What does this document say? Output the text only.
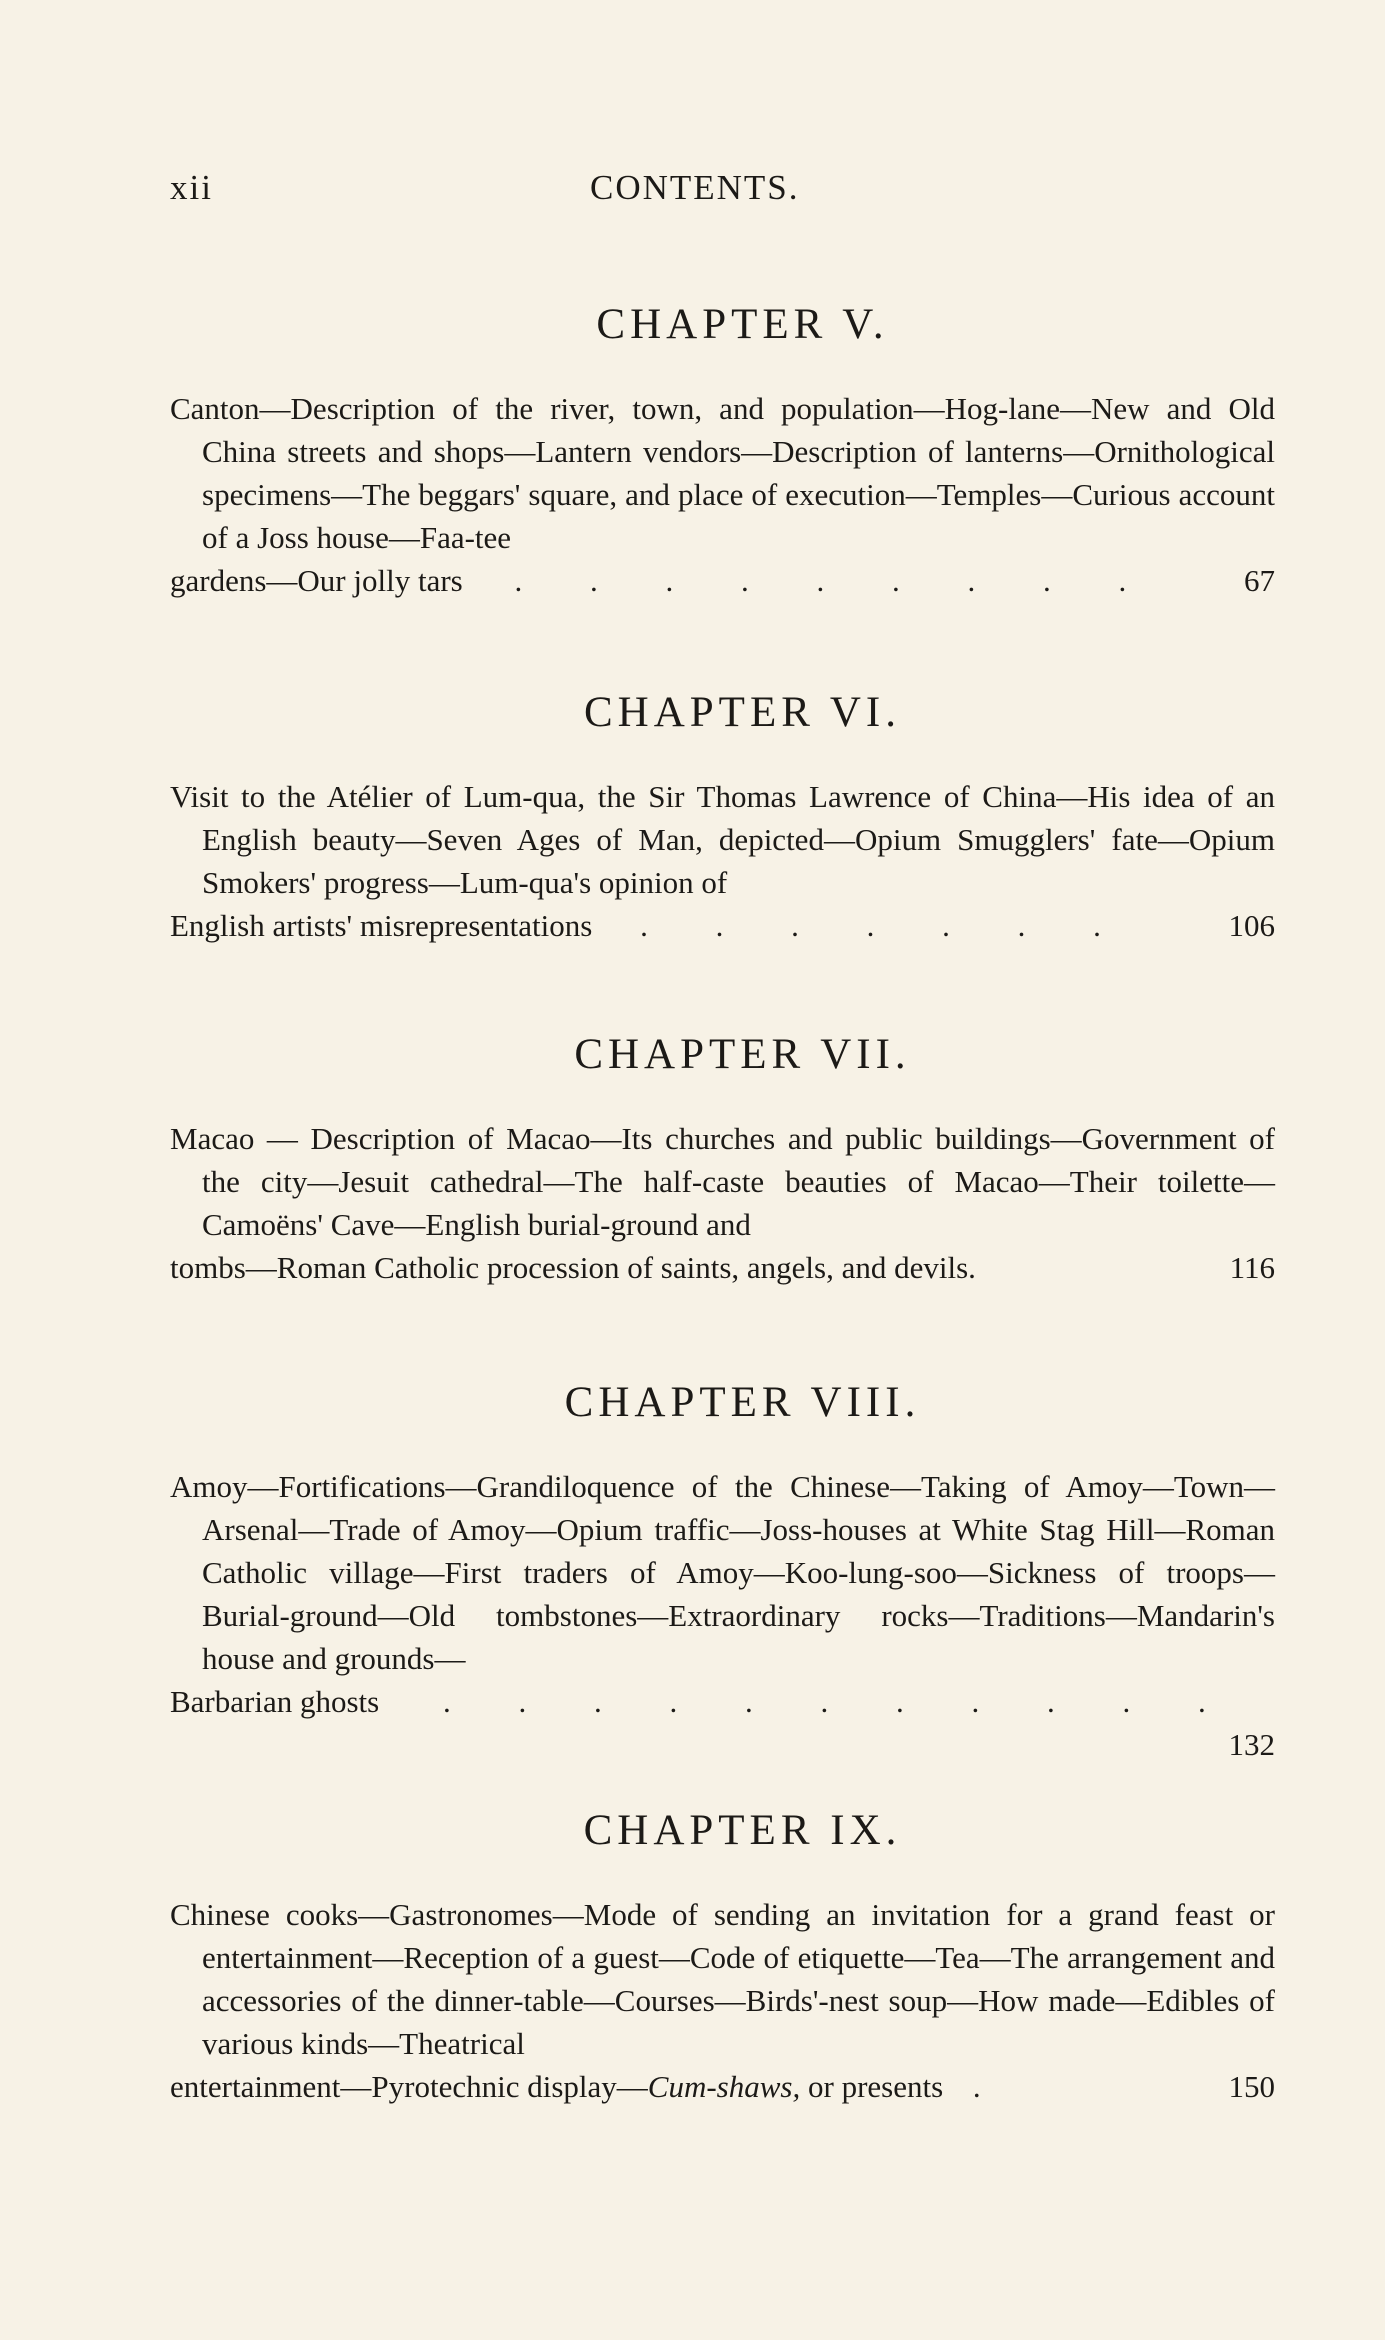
xii	CONTENTS.
CHAPTER V.

Canton—Description of the river, town, and population—Hog-lane—New and Old China streets and shops—Lantern vendors—Description of lanterns—Ornithological specimens—The beggars' square, and place of execution—Temples—Curious account of a Joss house—Faa-tee
gardens—Our jolly tars . . . . . . . . .	67

CHAPTER VI.

Visit to the Atélier of Lum-qua, the Sir Thomas Lawrence of China—His idea of an English beauty—Seven Ages of Man, depicted—Opium Smugglers' fate—Opium Smokers' progress—Lum-qua's opinion of
English artists' misrepresentations . . . . . . .	106

CHAPTER VII.

Macao — Description of Macao—Its churches and public buildings—Government of the city—Jesuit cathedral—The half-caste beauties of Macao—Their toilette—Camoëns' Cave—English burial-ground and
tombs—Roman Catholic procession of saints, angels, and devils.	116

CHAPTER VIII.

Amoy—Fortifications—Grandiloquence of the Chinese—Taking of Amoy—Town—Arsenal—Trade of Amoy—Opium traffic—Joss-houses at White Stag Hill—Roman Catholic village—First traders of Amoy—Koo-lung-soo—Sickness of troops—Burial-ground—Old tombstones—Extraordinary rocks—Traditions—Mandarin's house and grounds—
Barbarian ghosts . . . . . . . . . . .
132

CHAPTER IX.

Chinese cooks—Gastronomes—Mode of sending an invitation for a grand feast or entertainment—Reception of a guest—Code of etiquette—Tea—The arrangement and accessories of the dinner-table—Courses—Birds'-nest soup—How made—Edibles of various kinds—Theatrical
entertainment—Pyrotechnic display—Cum-shaws, or presents .	150
